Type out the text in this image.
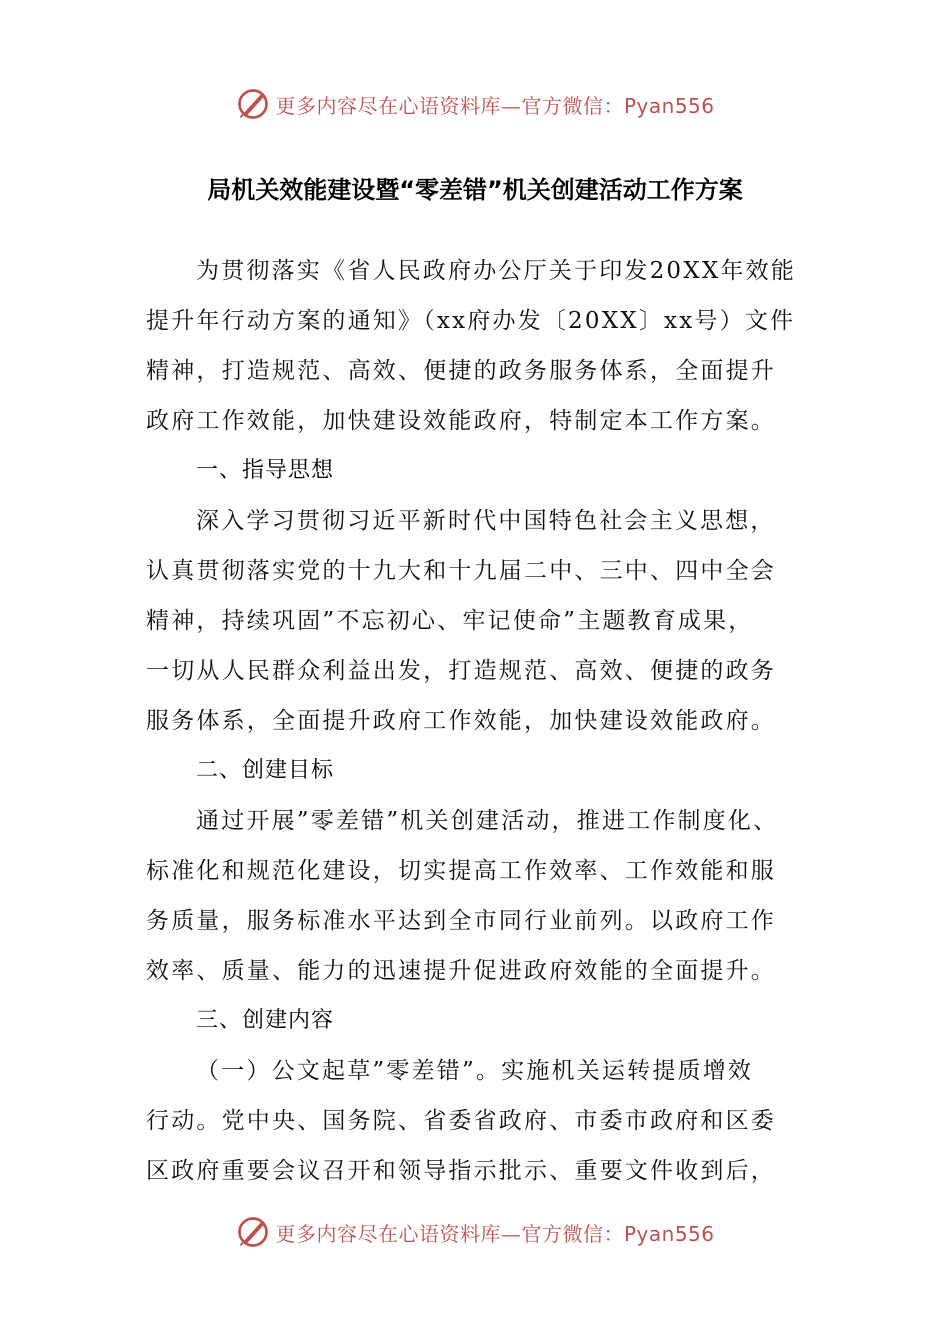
更多内容尽在心语资料库—官方微信：Pyan556
局机关效能建设暨“零差错”机关创建活动工作方案
为贯彻落实《省人民政府办公厅关于印发20XX年效能
提升年行动方案的通知》（xx府办发〔20XX〕xx号）文件
精神，打造规范、高效、便捷的政务服务体系，全面提升
政府工作效能，加快建设效能政府，特制定本工作方案。
一、指导思想
深入学习贯彻习近平新时代中国特色社会主义思想，
认真贯彻落实党的十九大和十九届二中、三中、四中全会
精神，持续巩固”不忘初心、牢记使命”主题教育成果，
一切从人民群众利益出发，打造规范、高效、便捷的政务
服务体系，全面提升政府工作效能，加快建设效能政府。
二、创建目标
通过开展”零差错”机关创建活动，推进工作制度化、
标准化和规范化建设，切实提高工作效率、工作效能和服
务质量，服务标准水平达到全市同行业前列。以政府工作
效率、质量、能力的迅速提升促进政府效能的全面提升。
三、创建内容
（一）公文起草”零差错”。实施机关运转提质增效
行动。党中央、国务院、省委省政府、市委市政府和区委
区政府重要会议召开和领导指示批示、重要文件收到后，
更多内容尽在心语资料库—官方微信：Pyan556
